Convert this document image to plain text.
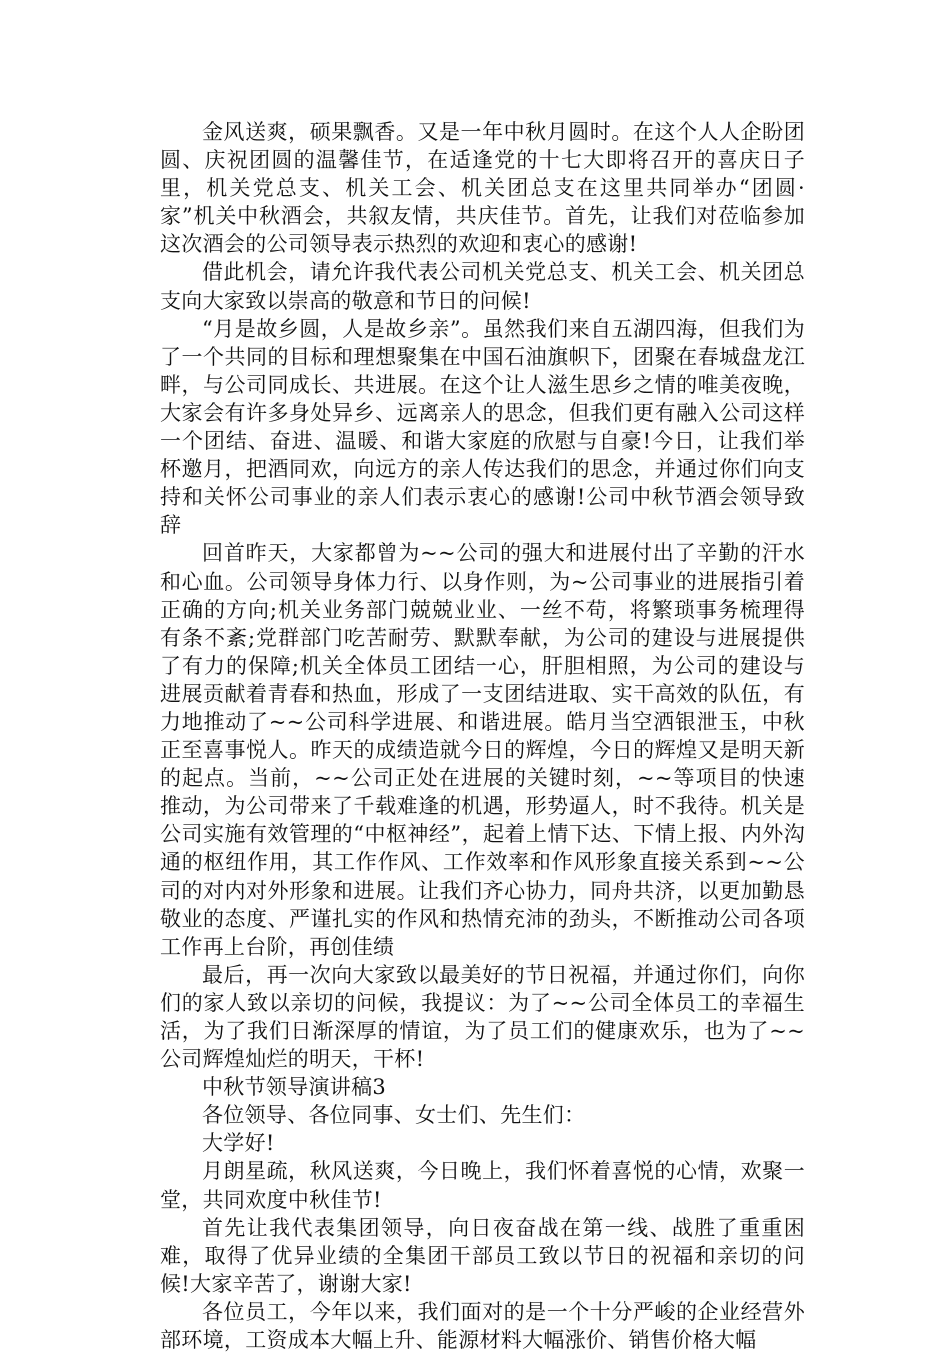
金风送爽，硕果飘香。又是一年中秋月圆时。在这个人人企盼团圆、庆祝团圆的温馨佳节，在适逢党的十七大即将召开的喜庆日子里，机关党总支、机关工会、机关团总支在这里共同举办“团圆·家”机关中秋酒会，共叙友情，共庆佳节。首先，让我们对莅临参加这次酒会的公司领导表示热烈的欢迎和衷心的感谢!

借此机会，请允许我代表公司机关党总支、机关工会、机关团总支向大家致以崇高的敬意和节日的问候!

“月是故乡圆，人是故乡亲”。虽然我们来自五湖四海，但我们为了一个共同的目标和理想聚集在中国石油旗帜下，团聚在春城盘龙江畔，与公司同成长、共进展。在这个让人滋生思乡之情的唯美夜晚，大家会有许多身处异乡、远离亲人的思念，但我们更有融入公司这样一个团结、奋进、温暖、和谐大家庭的欣慰与自豪!今日，让我们举杯邀月，把酒同欢，向远方的亲人传达我们的思念，并通过你们向支持和关怀公司事业的亲人们表示衷心的感谢!公司中秋节酒会领导致辞

回首昨天，大家都曾为~~公司的强大和进展付出了辛勤的汗水和心血。公司领导身体力行、以身作则，为~公司事业的进展指引着正确的方向;机关业务部门兢兢业业、一丝不苟，将繁琐事务梳理得有条不紊;党群部门吃苦耐劳、默默奉献，为公司的建设与进展提供了有力的保障;机关全体员工团结一心，肝胆相照，为公司的建设与进展贡献着青春和热血，形成了一支团结进取、实干高效的队伍，有力地推动了~~公司科学进展、和谐进展。皓月当空洒银泄玉，中秋正至喜事悦人。昨天的成绩造就今日的辉煌，今日的辉煌又是明天新的起点。当前，~~公司正处在进展的关键时刻，~~等项目的快速推动，为公司带来了千载难逢的机遇，形势逼人，时不我待。机关是公司实施有效管理的“中枢神经”，起着上情下达、下情上报、内外沟通的枢纽作用，其工作作风、工作效率和作风形象直接关系到~~公司的对内对外形象和进展。让我们齐心协力，同舟共济，以更加勤恳敬业的态度、严谨扎实的作风和热情充沛的劲头，不断推动公司各项工作再上台阶，再创佳绩

最后，再一次向大家致以最美好的节日祝福，并通过你们，向你们的家人致以亲切的问候，我提议：为了~~公司全体员工的幸福生活，为了我们日渐深厚的情谊，为了员工们的健康欢乐，也为了~~公司辉煌灿烂的明天，干杯!

中秋节领导演讲稿3

各位领导、各位同事、女士们、先生们：

大学好!

月朗星疏，秋风送爽，今日晚上，我们怀着喜悦的心情，欢聚一堂，共同欢度中秋佳节!

首先让我代表集团领导，向日夜奋战在第一线、战胜了重重困难，取得了优异业绩的全集团干部员工致以节日的祝福和亲切的问候!大家辛苦了，谢谢大家!

各位员工，今年以来，我们面对的是一个十分严峻的企业经营外部环境，工资成本大幅上升、能源材料大幅涨价、销售价格大幅
